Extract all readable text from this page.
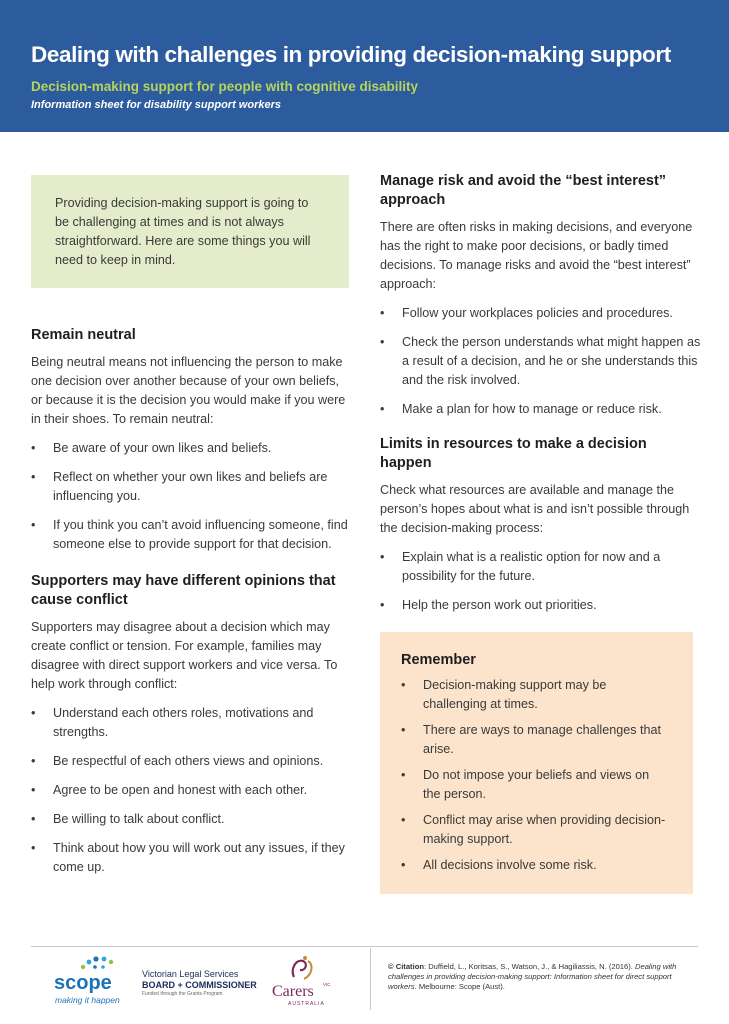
Dealing with challenges in providing decision-making support
Decision-making support for people with cognitive disability
Information sheet for disability support workers
Providing decision-making support is going to be challenging at times and is not always straightforward. Here are some things you will need to keep in mind.
Remain neutral

Being neutral means not influencing the person to make one decision over another because of your own beliefs, or because it is the decision you would make if you were in their shoes. To remain neutral:

• Be aware of your own likes and beliefs.
• Reflect on whether your own likes and beliefs are influencing you.
• If you think you can’t avoid influencing someone, find someone else to provide support for that decision.
Supporters may have different opinions that cause conflict

Supporters may disagree about a decision which may create conflict or tension. For example, families may disagree with direct support workers and vice versa. To help work through conflict:

• Understand each others roles, motivations and strengths.
• Be respectful of each others views and opinions.
• Agree to be open and honest with each other.
• Be willing to talk about conflict.
• Think about how you will work out any issues, if they come up.
Manage risk and avoid the “best interest” approach

There are often risks in making decisions, and everyone has the right to make poor decisions, or badly timed decisions. To manage risks and avoid the “best interest” approach:

• Follow your workplaces policies and procedures.
• Check the person understands what might happen as a result of a decision, and he or she understands this and the risk involved.
• Make a plan for how to manage or reduce risk.
Limits in resources to make a decision happen

Check what resources are available and manage the person’s hopes about what is and isn’t possible through the decision-making process:

• Explain what is a realistic option for now and a possibility for the future.
• Help the person work out priorities.
Remember
• Decision-making support may be challenging at times.
• There are ways to manage challenges that arise.
• Do not impose your beliefs and views on the person.
• Conflict may arise when providing decision-making support.
• All decisions involve some risk.
scope
making it happen
Victorian Legal Services
BOARD + COMMISSIONER
Funded through the Grants Program	Carers VIC
AUSTRALIA
© Citation: Duffield, L., Koritsas, S., Watson, J., & Hagiliassis, N. (2016). Dealing with challenges in providing decision-making support: Information sheet for direct support workers. Melbourne: Scope (Aust).
